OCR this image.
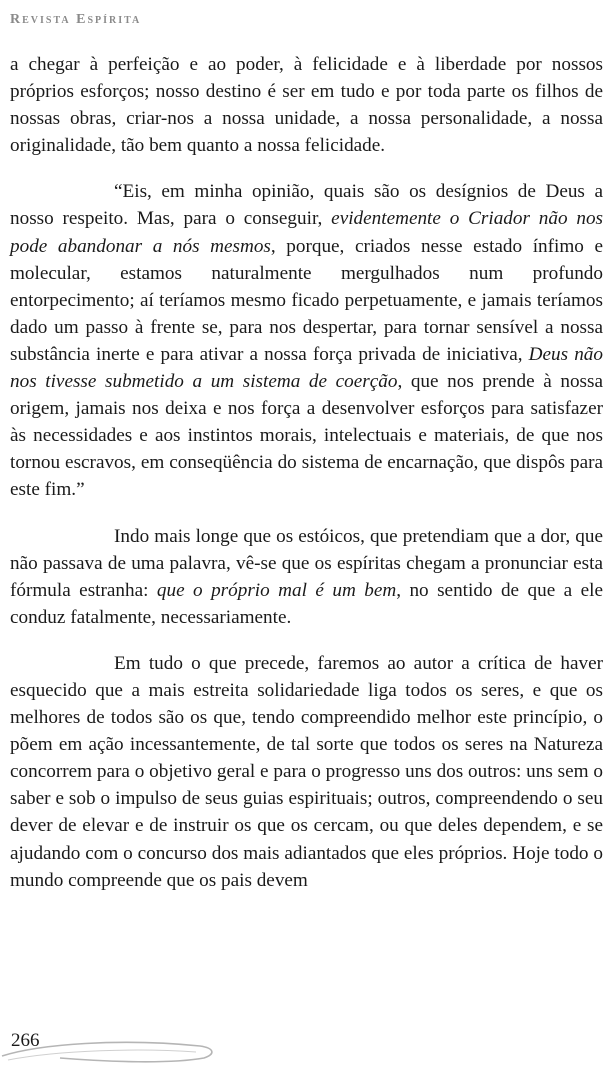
Revista Espírita

a chegar à perfeição e ao poder, à felicidade e à liberdade por nossos próprios esforços; nosso destino é ser em tudo e por toda parte os filhos de nossas obras, criar-nos a nossa unidade, a nossa personalidade, a nossa originalidade, tão bem quanto a nossa felicidade.

“Eis, em minha opinião, quais são os desígnios de Deus a nosso respeito. Mas, para o conseguir, evidentemente o Criador não nos pode abandonar a nós mesmos, porque, criados nesse estado ínfimo e molecular, estamos naturalmente mergulhados num profundo entorpecimento; aí teríamos mesmo ficado perpetuamente, e jamais teríamos dado um passo à frente se, para nos despertar, para tornar sensível a nossa substância inerte e para ativar a nossa força privada de iniciativa, Deus não nos tivesse submetido a um sistema de coerção, que nos prende à nossa origem, jamais nos deixa e nos força a desenvolver esforços para satisfazer às necessidades e aos instintos morais, intelectuais e materiais, de que nos tornou escravos, em conseqüência do sistema de encarnação, que dispôs para este fim.”

Indo mais longe que os estóicos, que pretendiam que a dor, que não passava de uma palavra, vê-se que os espíritas chegam a pronunciar esta fórmula estranha: que o próprio mal é um bem, no sentido de que a ele conduz fatalmente, necessariamente.

Em tudo o que precede, faremos ao autor a crítica de haver esquecido que a mais estreita solidariedade liga todos os seres, e que os melhores de todos são os que, tendo compreendido melhor este princípio, o põem em ação incessantemente, de tal sorte que todos os seres na Natureza concorrem para o objetivo geral e para o progresso uns dos outros: uns sem o saber e sob o impulso de seus guias espirituais; outros, compreendendo o seu dever de elevar e de instruir os que os cercam, ou que deles dependem, e se ajudando com o concurso dos mais adiantados que eles próprios. Hoje todo o mundo compreende que os pais devem

266
